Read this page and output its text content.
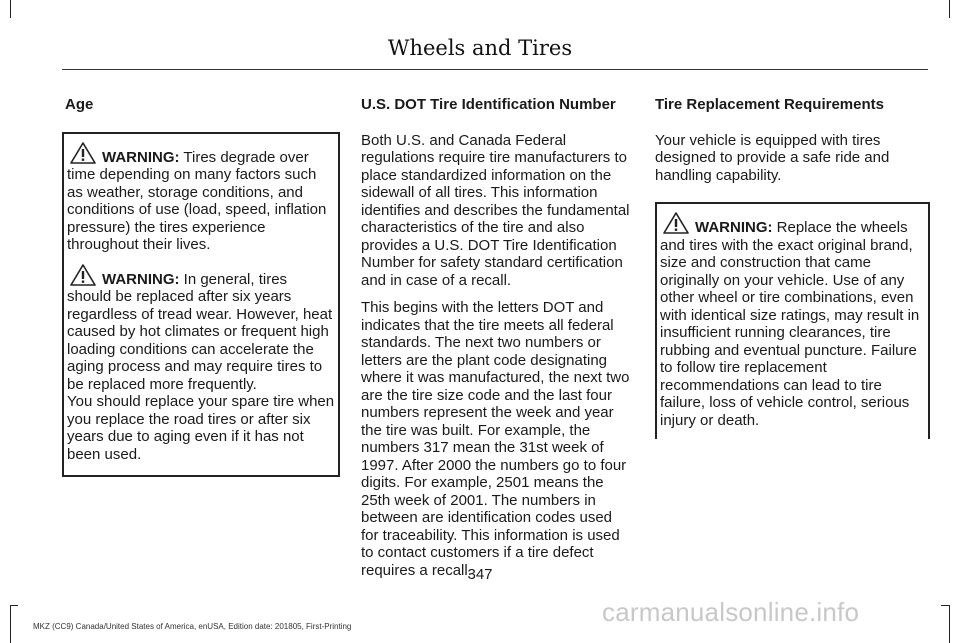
Wheels and Tires
Age

WARNING: Tires degrade over time depending on many factors such as weather, storage conditions, and conditions of use (load, speed, inflation pressure) the tires experience throughout their lives.

WARNING: In general, tires should be replaced after six years regardless of tread wear. However, heat caused by hot climates or frequent high loading conditions can accelerate the aging process and may require tires to be replaced more frequently.
You should replace your spare tire when you replace the road tires or after six years due to aging even if it has not been used.

U.S. DOT Tire Identification Number

Both U.S. and Canada Federal regulations require tire manufacturers to place standardized information on the sidewall of all tires. This information identifies and describes the fundamental characteristics of the tire and also provides a U.S. DOT Tire Identification Number for safety standard certification and in case of a recall.

This begins with the letters DOT and indicates that the tire meets all federal standards. The next two numbers or letters are the plant code designating where it was manufactured, the next two are the tire size code and the last four numbers represent the week and year the tire was built. For example, the numbers 317 mean the 31st week of 1997. After 2000 the numbers go to four digits. For example, 2501 means the 25th week of 2001. The numbers in between are identification codes used for traceability. This information is used to contact customers if a tire defect requires a recall.

Tire Replacement Requirements

Your vehicle is equipped with tires designed to provide a safe ride and handling capability.

WARNING: Replace the wheels and tires with the exact original brand, size and construction that came originally on your vehicle. Use of any other wheel or tire combinations, even with identical size ratings, may result in insufficient running clearances, tire rubbing and eventual puncture. Failure to follow tire replacement recommendations can lead to tire failure, loss of vehicle control, serious injury or death.

347
MKZ (CC9) Canada/United States of America, enUSA, Edition date: 201805, First-Printing	carmanualsonline.info
